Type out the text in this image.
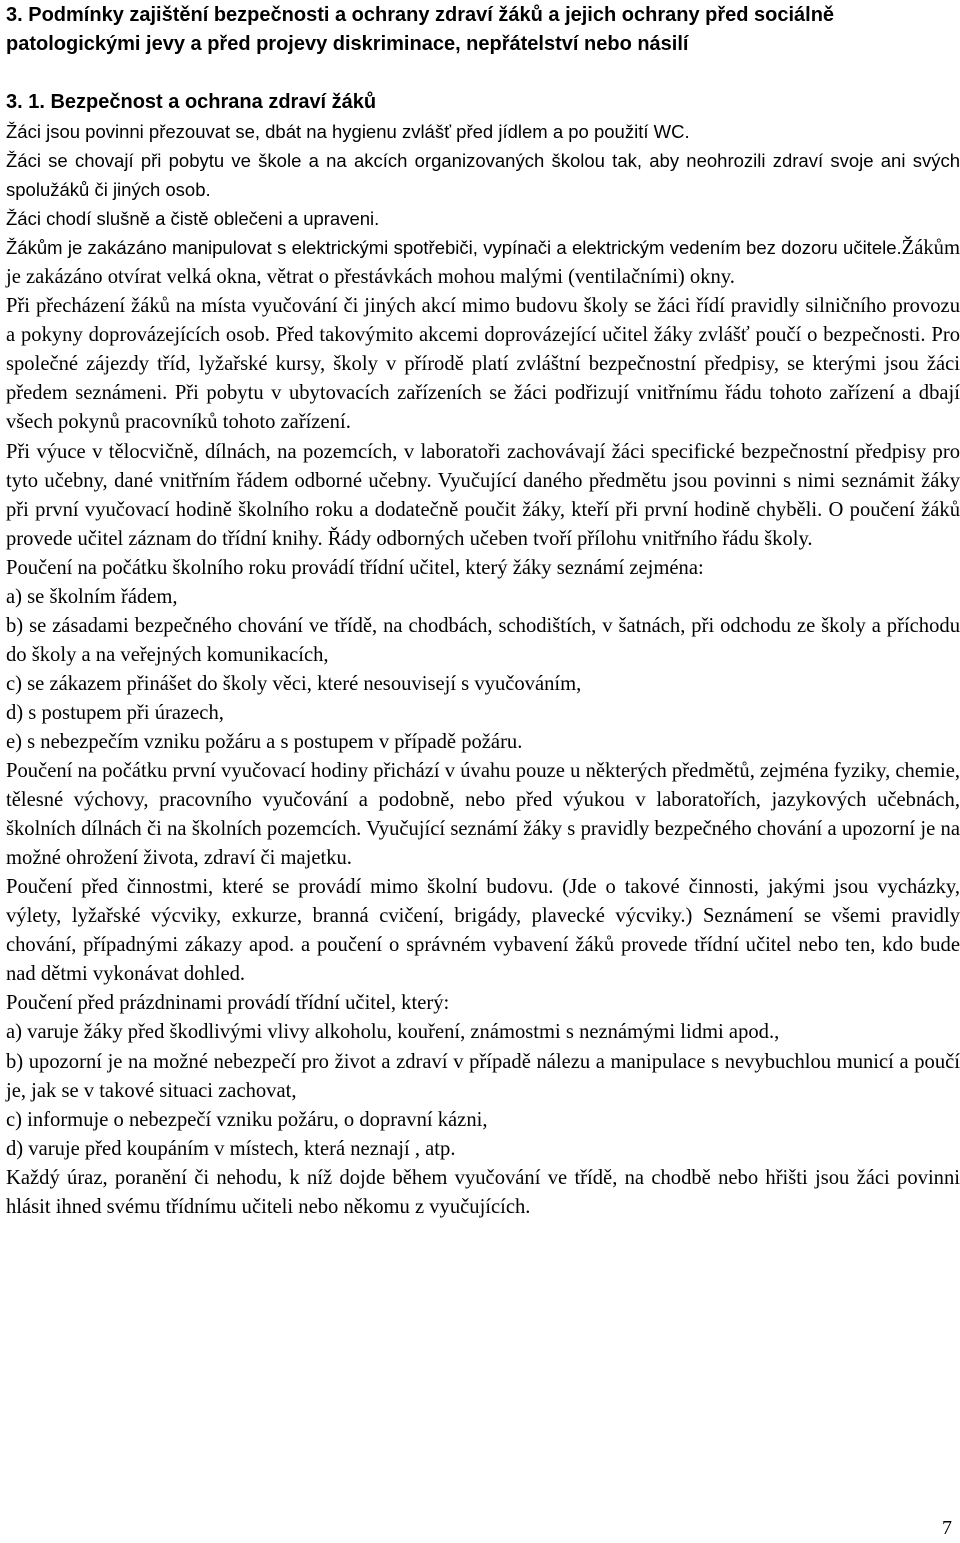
3. Podmínky zajištění bezpečnosti a ochrany zdraví žáků a jejich ochrany před sociálně patologickými jevy a před projevy diskriminace, nepřátelství nebo násilí
3. 1. Bezpečnost a ochrana zdraví žáků

Žáci jsou povinni přezouvat se, dbát na hygienu zvlášť před jídlem a po použití WC.

Žáci se chovají při pobytu ve škole a na akcích organizovaných školou tak, aby neohrozili zdraví svoje ani svých spolužáků či jiných osob.

Žáci chodí slušně a čistě oblečeni a upraveni.

Žákům je zakázáno manipulovat s elektrickými spotřebiči, vypínači a elektrickým vedením bez dozoru učitele.Žákům je zakázáno otvírat velká okna, větrat o přestávkách mohou malými (ventilačními) okny.

Při přecházení žáků na místa vyučování či jiných akcí mimo budovu školy se žáci řídí pravidly silničního provozu a pokyny doprovázejících osob. Před takovýmito akcemi doprovázející učitel žáky zvlášť poučí o bezpečnosti. Pro společné zájezdy tříd, lyžařské kursy, školy v přírodě platí zvláštní bezpečnostní předpisy, se kterými jsou žáci předem seznámeni. Při pobytu v ubytovacích zařízeních se žáci podřizují vnitřnímu řádu tohoto zařízení a dbají všech pokynů pracovníků tohoto zařízení.

Při výuce v tělocvičně, dílnách, na pozemcích, v laboratoři zachovávají žáci specifické bezpečnostní předpisy pro tyto učebny, dané vnitřním řádem odborné učebny. Vyučující daného předmětu jsou povinni s nimi seznámit žáky při první vyučovací hodině školního roku a dodatečně poučit žáky, kteří při první hodině chyběli. O poučení žáků provede učitel záznam do třídní knihy. Řády odborných učeben tvoří přílohu vnitřního řádu školy.

Poučení na počátku školního roku provádí třídní učitel, který žáky seznámí zejména:

a) se školním řádem,

b) se zásadami bezpečného chování ve třídě, na chodbách, schodištích, v šatnách, při odchodu ze školy a příchodu do školy a na veřejných komunikacích,

c) se zákazem přinášet do školy věci, které nesouvisejí s vyučováním,

d) s postupem při úrazech,

e) s nebezpečím vzniku požáru a s postupem v případě požáru.

Poučení na počátku první vyučovací hodiny přichází v úvahu pouze u některých předmětů, zejména fyziky, chemie, tělesné výchovy, pracovního vyučování a podobně, nebo před výukou v laboratořích, jazykových učebnách, školních dílnách či na školních pozemcích. Vyučující seznámí žáky s pravidly bezpečného chování a upozorní je na možné ohrožení života, zdraví či majetku.

Poučení před činnostmi, které se provádí mimo školní budovu. (Jde o takové činnosti, jakými jsou vycházky, výlety, lyžařské výcviky, exkurze, branná cvičení, brigády, plavecké výcviky.) Seznámení se všemi pravidly chování, případnými zákazy apod. a poučení o správném vybavení žáků provede třídní učitel nebo ten, kdo bude nad dětmi vykonávat dohled.

Poučení před prázdninami provádí třídní učitel, který:

a) varuje žáky před škodlivými vlivy alkoholu, kouření, známostmi s neznámými lidmi apod.,

b) upozorní je na možné nebezpečí pro život a zdraví v případě nálezu a manipulace s nevybuchlou municí a poučí je, jak se v takové situaci zachovat,

c) informuje o nebezpečí vzniku požáru, o dopravní kázni,

d) varuje před koupáním v místech, která neznají , atp.

Každý úraz, poranění či nehodu, k níž dojde během vyučování ve třídě, na chodbě nebo hřišti jsou žáci povinni hlásit ihned svému třídnímu učiteli nebo někomu z vyučujících.

7
